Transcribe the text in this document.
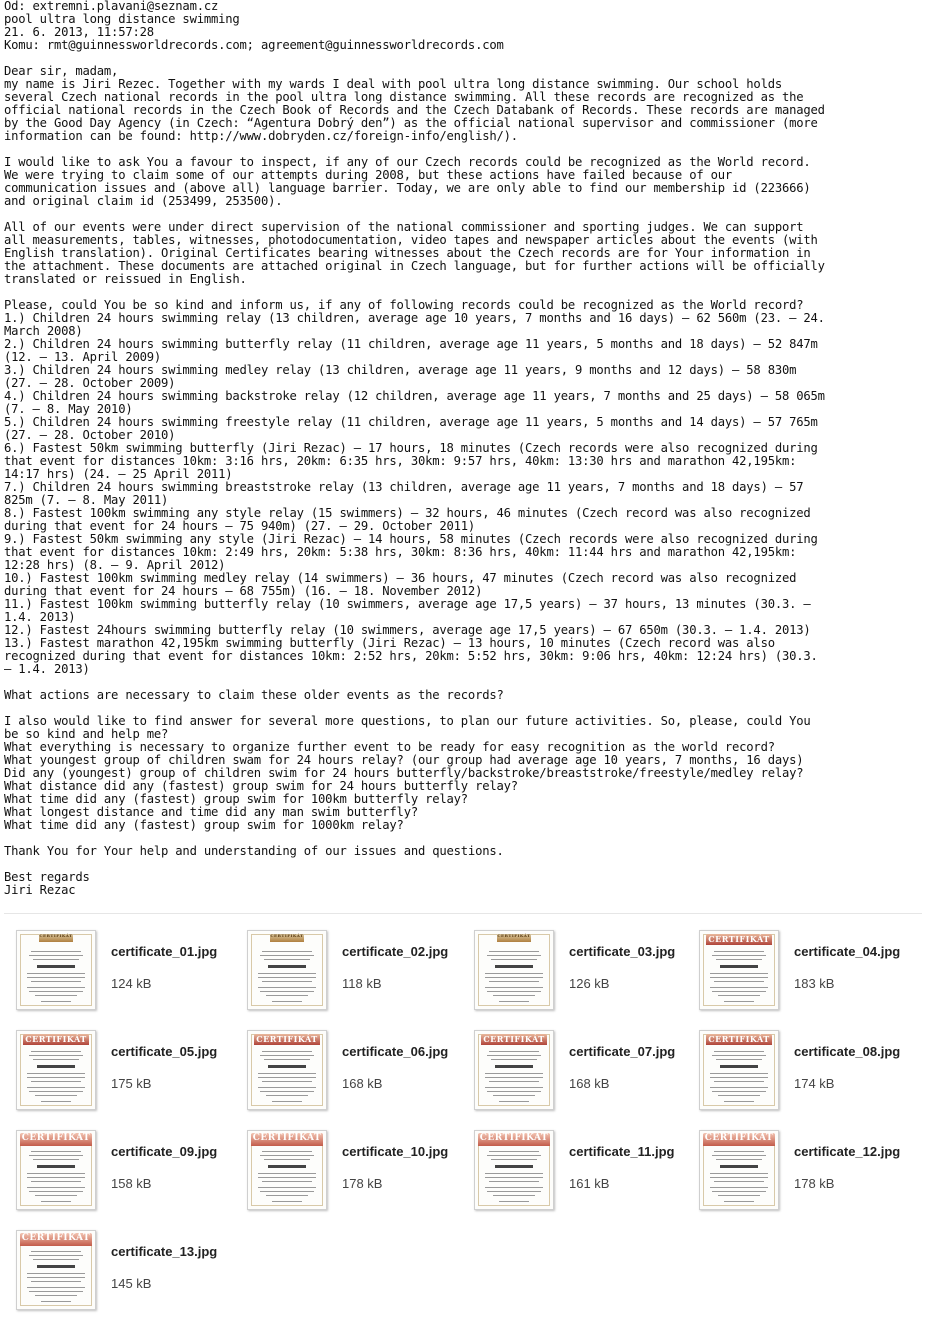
Od: extremni.plavani@seznam.cz
pool ultra long distance swimming
21. 6. 2013, 11:57:28
Komu: rmt@guinnessworldrecords.com; agreement@guinnessworldrecords.com
Dear sir, madam,
my name is Jiri Rezec. Together with my wards I deal with pool ultra long distance swimming. Our school holds
several Czech national records in the pool ultra long distance swimming. All these records are recognized as the
official national records in the Czech Book of Records and the Czech Databank of Records. These records are managed
by the Good Day Agency (in Czech: “Agentura Dobrý den”) as the official national supervisor and commissioner (more
information can be found: http://www.dobryden.cz/foreign-info/english/).
I would like to ask You a favour to inspect, if any of our Czech records could be recognized as the World record.
We were trying to claim some of our attempts during 2008, but these actions have failed because of our
communication issues and (above all) language barrier. Today, we are only able to find our membership id (223666)
and original claim id (253499, 253500).
All of our events were under direct supervision of the national commissioner and sporting judges. We can support
all measurements, tables, witnesses, photodocumentation, video tapes and newspaper articles about the events (with
English translation). Original Certificates bearing witnesses about the Czech records are for Your information in
the attachment. These documents are attached original in Czech language, but for further actions will be officially
translated or reissued in English.
Please, could You be so kind and inform us, if any of following records could be recognized as the World record?
1.) Children 24 hours swimming relay (13 children, average age 10 years, 7 months and 16 days) – 62 560m (23. – 24.
March 2008)
2.) Children 24 hours swimming butterfly relay (11 children, average age 11 years, 5 months and 18 days) – 52 847m
(12. – 13. April 2009)
3.) Children 24 hours swimming medley relay (13 children, average age 11 years, 9 months and 12 days) – 58 830m
(27. – 28. October 2009)
4.) Children 24 hours swimming backstroke relay (12 children, average age 11 years, 7 months and 25 days) – 58 065m
(7. – 8. May 2010)
5.) Children 24 hours swimming freestyle relay (11 children, average age 11 years, 5 months and 14 days) – 57 765m
(27. – 28. October 2010)
6.) Fastest 50km swimming butterfly (Jiri Rezac) – 17 hours, 18 minutes (Czech records were also recognized during
that event for distances 10km: 3:16 hrs, 20km: 6:35 hrs, 30km: 9:57 hrs, 40km: 13:30 hrs and marathon 42,195km:
14:17 hrs) (24. – 25 April 2011)
7.) Children 24 hours swimming breaststroke relay (13 children, average age 11 years, 7 months and 18 days) – 57
825m (7. – 8. May 2011)
8.) Fastest 100km swimming any style relay (15 swimmers) – 32 hours, 46 minutes (Czech record was also recognized
during that event for 24 hours – 75 940m) (27. – 29. October 2011)
9.) Fastest 50km swimming any style (Jiri Rezac) – 14 hours, 58 minutes (Czech records were also recognized during
that event for distances 10km: 2:49 hrs, 20km: 5:38 hrs, 30km: 8:36 hrs, 40km: 11:44 hrs and marathon 42,195km:
12:28 hrs) (8. – 9. April 2012)
10.) Fastest 100km swimming medley relay (14 swimmers) – 36 hours, 47 minutes (Czech record was also recognized
during that event for 24 hours – 68 755m) (16. – 18. November 2012)
11.) Fastest 100km swimming butterfly relay (10 swimmers, average age 17,5 years) – 37 hours, 13 minutes (30.3. –
1.4. 2013)
12.) Fastest 24hours swimming butterfly relay (10 swimmers, average age 17,5 years) – 67 650m (30.3. – 1.4. 2013)
13.) Fastest marathon 42,195km swimming butterfly (Jiri Rezac) – 13 hours, 10 minutes (Czech record was also
recognized during that event for distances 10km: 2:52 hrs, 20km: 5:52 hrs, 30km: 9:06 hrs, 40km: 12:24 hrs) (30.3.
– 1.4. 2013)
What actions are necessary to claim these older events as the records?
I also would like to find answer for several more questions, to plan our future activities. So, please, could You
be so kind and help me?
What everything is necessary to organize further event to be ready for easy recognition as the world record?
What youngest group of children swam for 24 hours relay? (our group had average age 10 years, 7 months, 16 days)
Did any (youngest) group of children swim for 24 hours butterfly/backstroke/breaststroke/freestyle/medley relay?
What distance did any (fastest) group swim for 24 hours butterfly relay?
What time did any (fastest) group swim for 100km butterfly relay?
What longest distance and time did any man swim butterfly?
What time did any (fastest) group swim for 1000km relay?
Thank You for Your help and understanding of our issues and questions.
Best regards
Jiri Rezac
CERTIFIKÁT
certificate_01.jpg
124 kB
CERTIFIKÁT
certificate_02.jpg
118 kB
CERTIFIKÁT
certificate_03.jpg
126 kB
CERTIFIKÁT
certificate_04.jpg
183 kB
CERTIFIKÁT
certificate_05.jpg
175 kB
CERTIFIKÁT
certificate_06.jpg
168 kB
CERTIFIKÁT
certificate_07.jpg
168 kB
CERTIFIKÁT
certificate_08.jpg
174 kB
CERTIFIKÁT
certificate_09.jpg
158 kB
CERTIFIKÁT
certificate_10.jpg
178 kB
CERTIFIKÁT
certificate_11.jpg
161 kB
CERTIFIKÁT
certificate_12.jpg
178 kB
CERTIFIKÁT
certificate_13.jpg
145 kB
